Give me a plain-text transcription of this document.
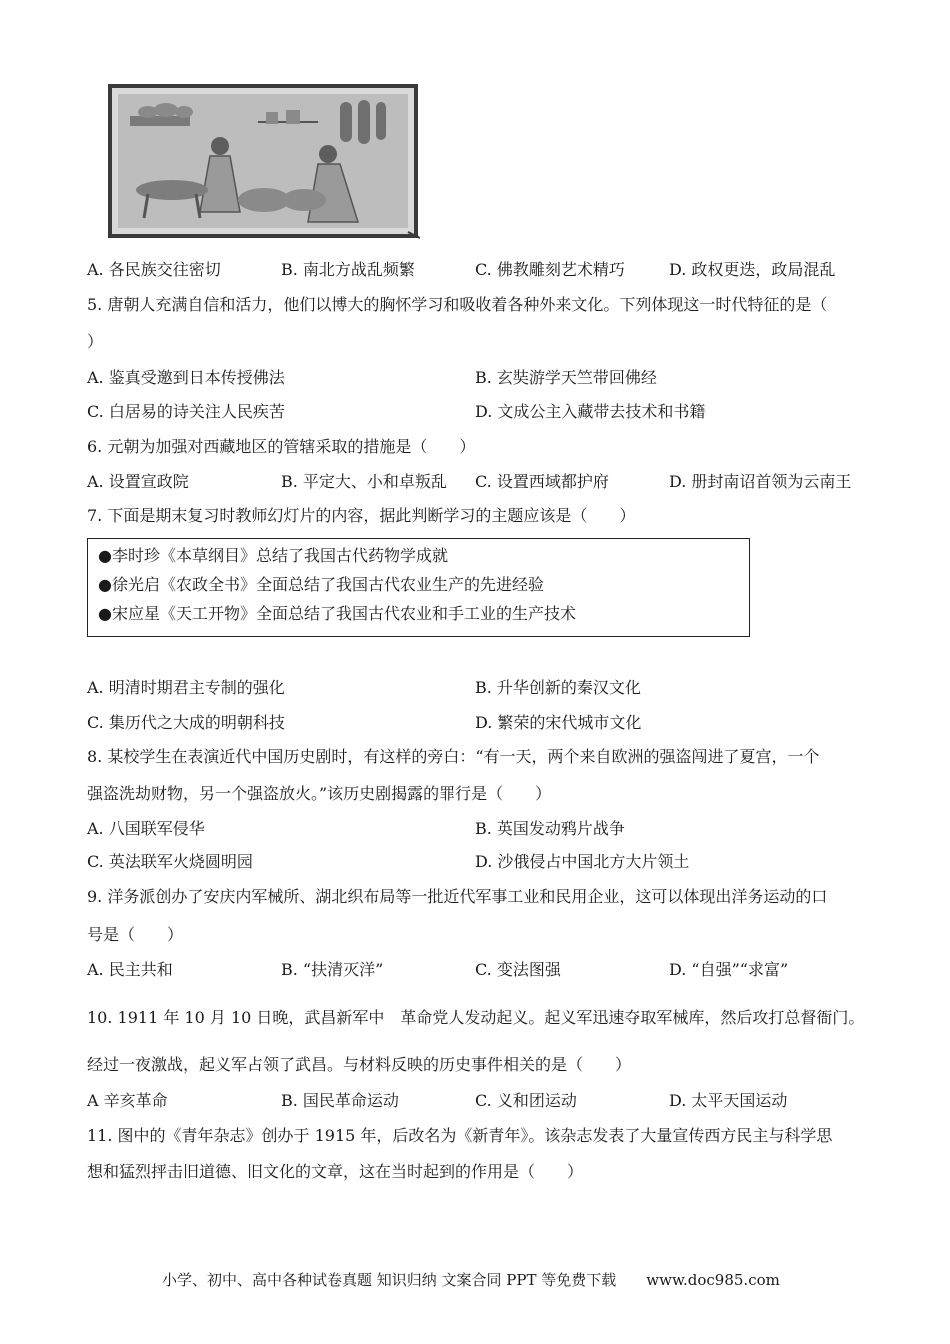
A. 各民族交往密切	B. 南北方战乱频繁	C. 佛教雕刻艺术精巧	D. 政权更迭，政局混乱
5. 唐朝人充满自信和活力，他们以博大的胸怀学习和吸收着各种外来文化。下列体现这一时代特征的是（
）
A. 鉴真受邀到日本传授佛法	B. 玄奘游学天竺带回佛经
C. 白居易的诗关注人民疾苦	D. 文成公主入藏带去技术和书籍
6. 元朝为加强对西藏地区的管辖采取的措施是（　　）
A. 设置宣政院	B. 平定大、小和卓叛乱 C. 设置西域都护府	D. 册封南诏首领为云南王
7. 下面是期末复习时教师幻灯片的内容，据此判断学习的主题应该是（　　）
●李时珍《本草纲目》总结了我国古代药物学成就
●徐光启《农政全书》全面总结了我国古代农业生产的先进经验
●宋应星《天工开物》全面总结了我国古代农业和手工业的生产技术
A. 明清时期君主专制的强化	B. 升华创新的秦汉文化
C. 集历代之大成的明朝科技	D. 繁荣的宋代城市文化
8. 某校学生在表演近代中国历史剧时，有这样的旁白：“有一天，两个来自欧洲的强盗闯进了夏宫，一个
强盗洗劫财物，另一个强盗放火。”该历史剧揭露的罪行是（　　）
A. 八国联军侵华	B. 英国发动鸦片战争
C. 英法联军火烧圆明园	D. 沙俄侵占中国北方大片领土
9. 洋务派创办了安庆内军械所、湖北织布局等一批近代军事工业和民用企业，这可以体现出洋务运动的口
号是（　　）
A. 民主共和	B. “扶清灭洋”	C. 变法图强	D. “自强”“求富”
10. 1911 年 10 月 10 日晚，武昌新军中　革命党人发动起义。起义军迅速夺取军械库，然后攻打总督衙门。
经过一夜激战，起义军占领了武昌。与材料反映的历史事件相关的是（　　）
A 辛亥革命	B. 国民革命运动	C. 义和团运动	D. 太平天国运动
11. 图中的《青年杂志》创办于 1915 年，后改名为《新青年》。该杂志发表了大量宣传西方民主与科学思
想和猛烈抨击旧道德、旧文化的文章，这在当时起到的作用是（　　）
小学、初中、高中各种试卷真题 知识归纳 文案合同 PPT 等免费下载　　www.doc985.com
